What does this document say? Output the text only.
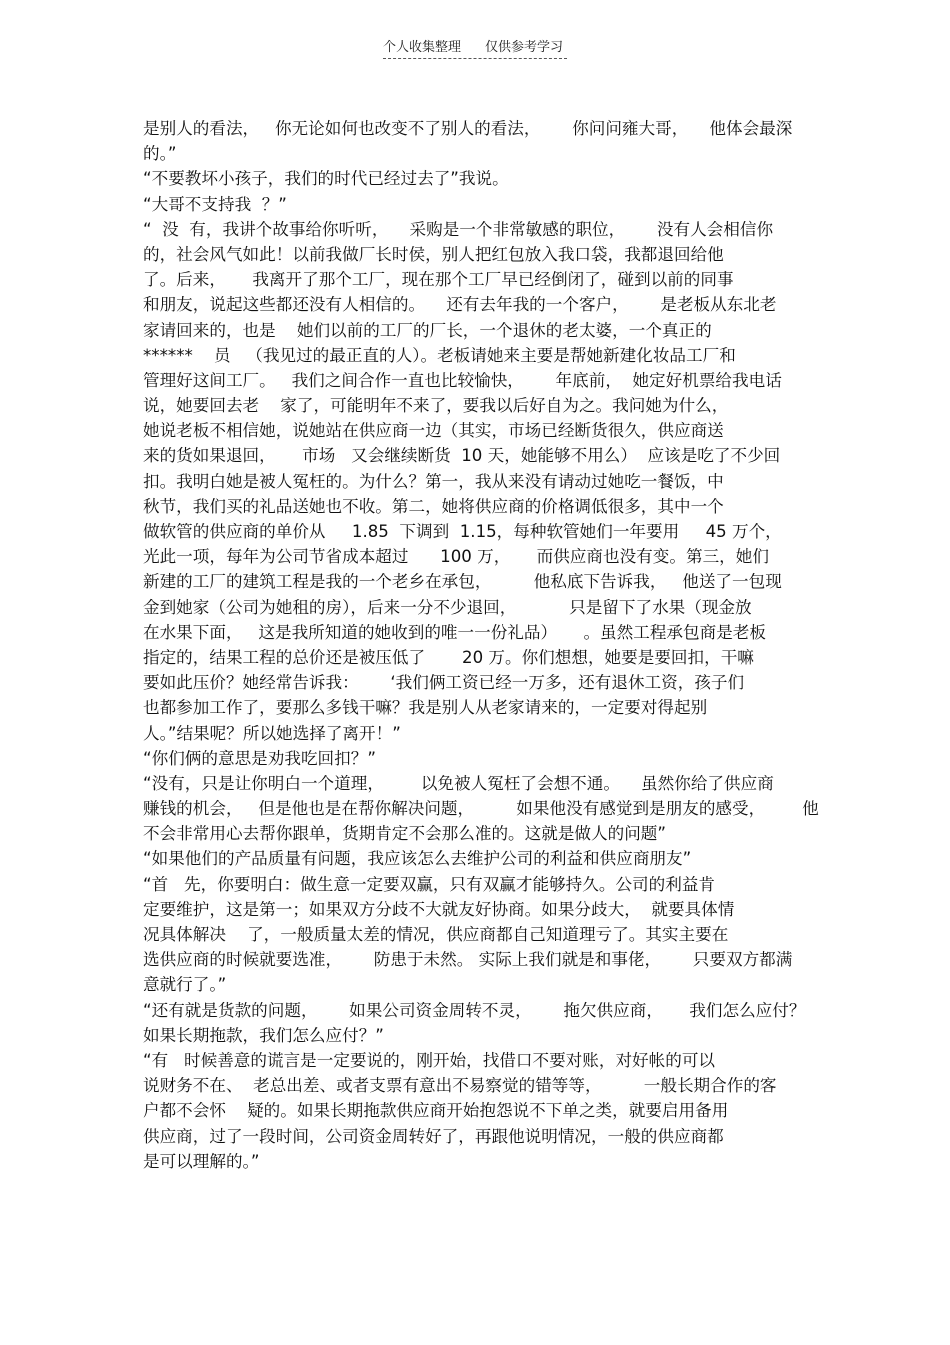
个人收集整理 仅供参考学习
是别人的看法，   你无论如何也改变不了别人的看法，      你问问雍大哥，    他体会最深
的。”
“不要教坏小孩子，我们的时代已经过去了”我说。
“大哥不支持我  ？”
“  没  有，我讲个故事给你听听，    采购是一个非常敏感的职位，      没有人会相信你
的，社会风气如此！以前我做厂长时侯，别人把红包放入我口袋，我都退回给他
了。后来，     我离开了那个工厂，现在那个工厂早已经倒闭了，碰到以前的同事
和朋友，说起这些都还没有人相信的。    还有去年我的一个客户，      是老板从东北老
家请回来的，也是    她们以前的工厂的厂长，一个退休的老太婆，一个真正的
******    员   （我见过的最正直的人）。老板请她来主要是帮她新建化妆品工厂和
管理好这间工厂。   我们之间合作一直也比较愉快，      年底前，  她定好机票给我电话
说，她要回去老    家了，可能明年不来了，要我以后好自为之。我问她为什么，
她说老板不相信她，说她站在供应商一边（其实，市场已经断货很久，供应商送
来的货如果退回，     市场   又会继续断货  10 天，她能够不用么）  应该是吃了不少回
扣。我明白她是被人冤枉的。为什么？第一，我从来没有请动过她吃一餐饭，中
秋节，我们买的礼品送她也不收。第二，她将供应商的价格调低很多，其中一个
做软管的供应商的单价从     1.85  下调到  1.15，每种软管她们一年要用     45 万个，
光此一项，每年为公司节省成本超过      100 万，     而供应商也没有变。第三，她们
新建的工厂的建筑工程是我的一个老乡在承包，        他私底下告诉我，   他送了一包现
金到她家（公司为她租的房），后来一分不少退回，          只是留下了水果（现金放
在水果下面，   这是我所知道的她收到的唯一一份礼品）     。虽然工程承包商是老板
指定的，结果工程的总价还是被压低了       20 万。你们想想，她要是要回扣，干嘛
要如此压价？她经常告诉我：      ‘我们俩工资已经一万多，还有退休工资，孩子们
也都参加工作了，要那么多钱干嘛？我是别人从老家请来的，一定要对得起别
人。”结果呢？所以她选择了离开！”
“你们俩的意思是劝我吃回扣？”
“没有，只是让你明白一个道理，       以免被人冤枉了会想不通。    虽然你给了供应商
赚钱的机会，   但是他也是在帮你解决问题，        如果他没有感觉到是朋友的感受，       他
不会非常用心去帮你跟单，货期肯定不会那么准的。这就是做人的问题”
“如果他们的产品质量有问题，我应该怎么去维护公司的利益和供应商朋友”
“首   先，你要明白：做生意一定要双赢，只有双赢才能够持久。公司的利益肯
定要维护，这是第一；如果双方分歧不大就友好协商。如果分歧大，  就要具体情
况具体解决    了，一般质量太差的情况，供应商都自己知道理亏了。其实主要在
选供应商的时候就要选准，      防患于未然。 实际上我们就是和事佬，      只要双方都满
意就行了。”
“还有就是货款的问题，      如果公司资金周转不灵，      拖欠供应商，     我们怎么应付？
如果长期拖款，我们怎么应付？”
“有   时候善意的谎言是一定要说的，刚开始，找借口不要对账，对好帐的可以
说财务不在、  老总出差、或者支票有意出不易察觉的错等等，        一般长期合作的客
户都不会怀    疑的。如果长期拖款供应商开始抱怨说不下单之类，就要启用备用
供应商，过了一段时间，公司资金周转好了，再跟他说明情况，一般的供应商都
是可以理解的。”
